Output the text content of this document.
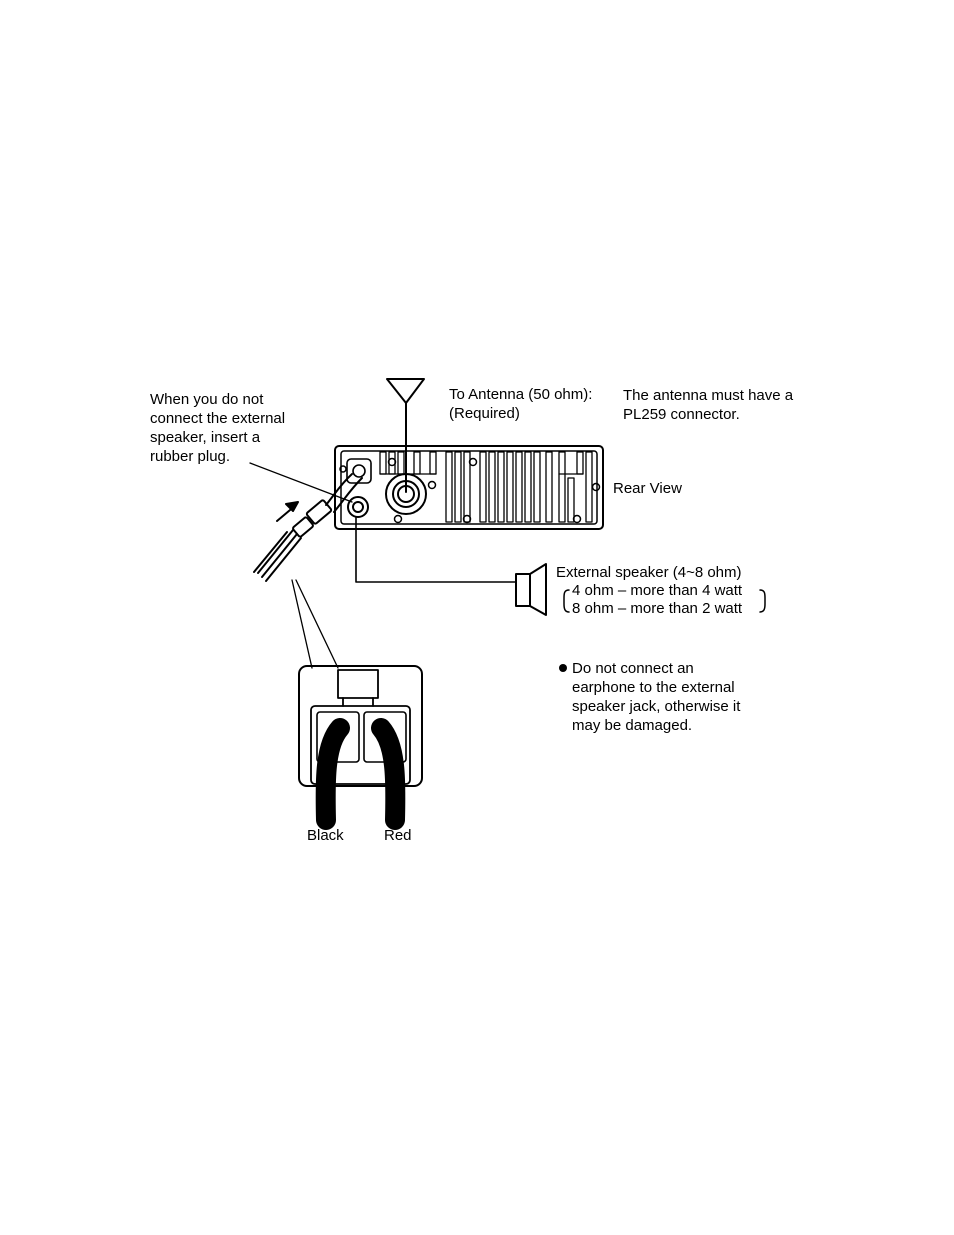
When you do not
connect the external
speaker, insert a
rubber plug.
To Antenna (50 ohm):
(Required)
The antenna must have a
PL259 connector.
Rear View
External speaker (4~8 ohm)
4 ohm – more than 4 watt
8 ohm – more than 2 watt
Do not connect an
earphone to the external
speaker jack, otherwise it
may be damaged.
Black	Red
